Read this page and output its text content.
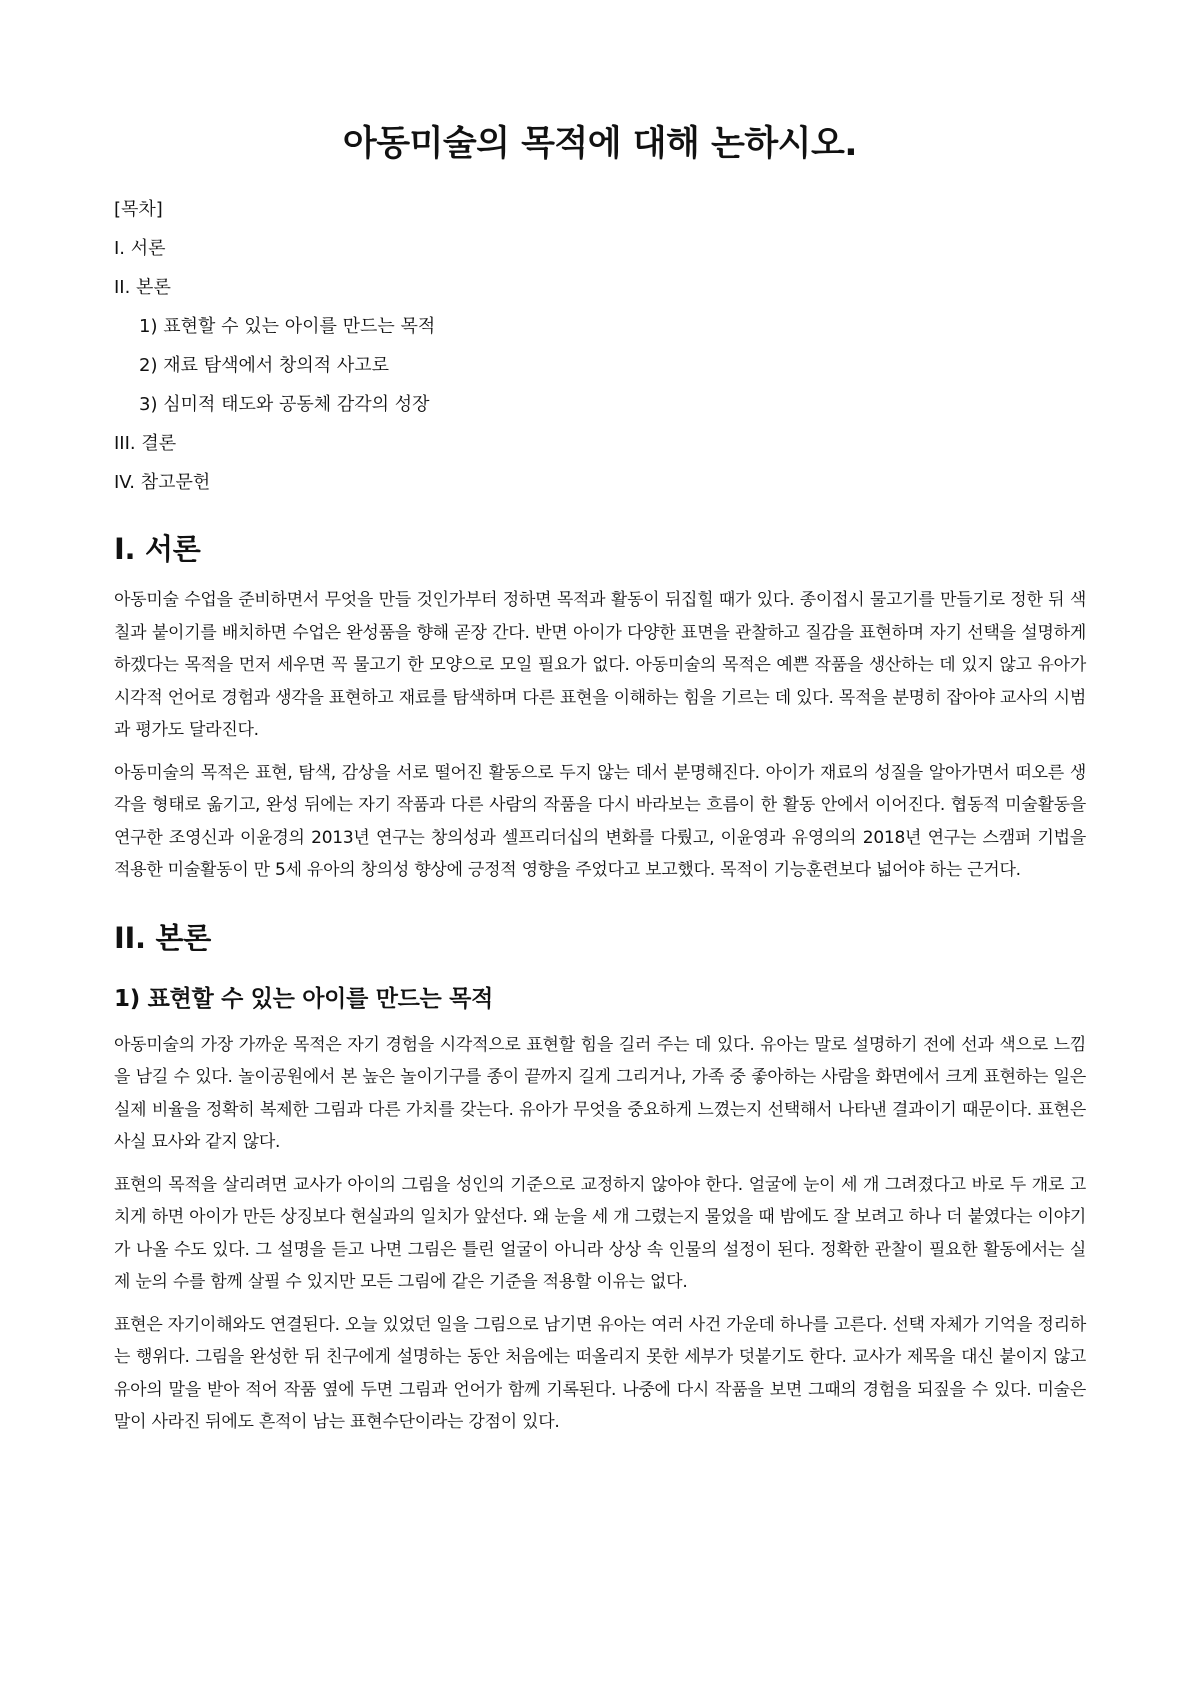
아동미술의 목적에 대해 논하시오.
[목차]
I. 서론
II. 본론
1) 표현할 수 있는 아이를 만드는 목적
2) 재료 탐색에서 창의적 사고로
3) 심미적 태도와 공동체 감각의 성장
III. 결론
IV. 참고문헌
I. 서론

아동미술 수업을 준비하면서 무엇을 만들 것인가부터 정하면 목적과 활동이 뒤집힐 때가 있다. 종이접시 물고기를 만들기로 정한 뒤 색칠과 붙이기를 배치하면 수업은 완성품을 향해 곧장 간다. 반면 아이가 다양한 표면을 관찰하고 질감을 표현하며 자기 선택을 설명하게 하겠다는 목적을 먼저 세우면 꼭 물고기 한 모양으로 모일 필요가 없다. 아동미술의 목적은 예쁜 작품을 생산하는 데 있지 않고 유아가 시각적 언어로 경험과 생각을 표현하고 재료를 탐색하며 다른 표현을 이해하는 힘을 기르는 데 있다. 목적을 분명히 잡아야 교사의 시범과 평가도 달라진다.

아동미술의 목적은 표현, 탐색, 감상을 서로 떨어진 활동으로 두지 않는 데서 분명해진다. 아이가 재료의 성질을 알아가면서 떠오른 생각을 형태로 옮기고, 완성 뒤에는 자기 작품과 다른 사람의 작품을 다시 바라보는 흐름이 한 활동 안에서 이어진다. 협동적 미술활동을 연구한 조영신과 이윤경의 2013년 연구는 창의성과 셀프리더십의 변화를 다뤘고, 이윤영과 유영의의 2018년 연구는 스캠퍼 기법을 적용한 미술활동이 만 5세 유아의 창의성 향상에 긍정적 영향을 주었다고 보고했다. 목적이 기능훈련보다 넓어야 하는 근거다.

II. 본론
1) 표현할 수 있는 아이를 만드는 목적

아동미술의 가장 가까운 목적은 자기 경험을 시각적으로 표현할 힘을 길러 주는 데 있다. 유아는 말로 설명하기 전에 선과 색으로 느낌을 남길 수 있다. 놀이공원에서 본 높은 놀이기구를 종이 끝까지 길게 그리거나, 가족 중 좋아하는 사람을 화면에서 크게 표현하는 일은 실제 비율을 정확히 복제한 그림과 다른 가치를 갖는다. 유아가 무엇을 중요하게 느꼈는지 선택해서 나타낸 결과이기 때문이다. 표현은 사실 묘사와 같지 않다.

표현의 목적을 살리려면 교사가 아이의 그림을 성인의 기준으로 교정하지 않아야 한다. 얼굴에 눈이 세 개 그려졌다고 바로 두 개로 고치게 하면 아이가 만든 상징보다 현실과의 일치가 앞선다. 왜 눈을 세 개 그렸는지 물었을 때 밤에도 잘 보려고 하나 더 붙였다는 이야기가 나올 수도 있다. 그 설명을 듣고 나면 그림은 틀린 얼굴이 아니라 상상 속 인물의 설정이 된다. 정확한 관찰이 필요한 활동에서는 실제 눈의 수를 함께 살필 수 있지만 모든 그림에 같은 기준을 적용할 이유는 없다.

표현은 자기이해와도 연결된다. 오늘 있었던 일을 그림으로 남기면 유아는 여러 사건 가운데 하나를 고른다. 선택 자체가 기억을 정리하는 행위다. 그림을 완성한 뒤 친구에게 설명하는 동안 처음에는 떠올리지 못한 세부가 덧붙기도 한다. 교사가 제목을 대신 붙이지 않고 유아의 말을 받아 적어 작품 옆에 두면 그림과 언어가 함께 기록된다. 나중에 다시 작품을 보면 그때의 경험을 되짚을 수 있다. 미술은 말이 사라진 뒤에도 흔적이 남는 표현수단이라는 강점이 있다.
